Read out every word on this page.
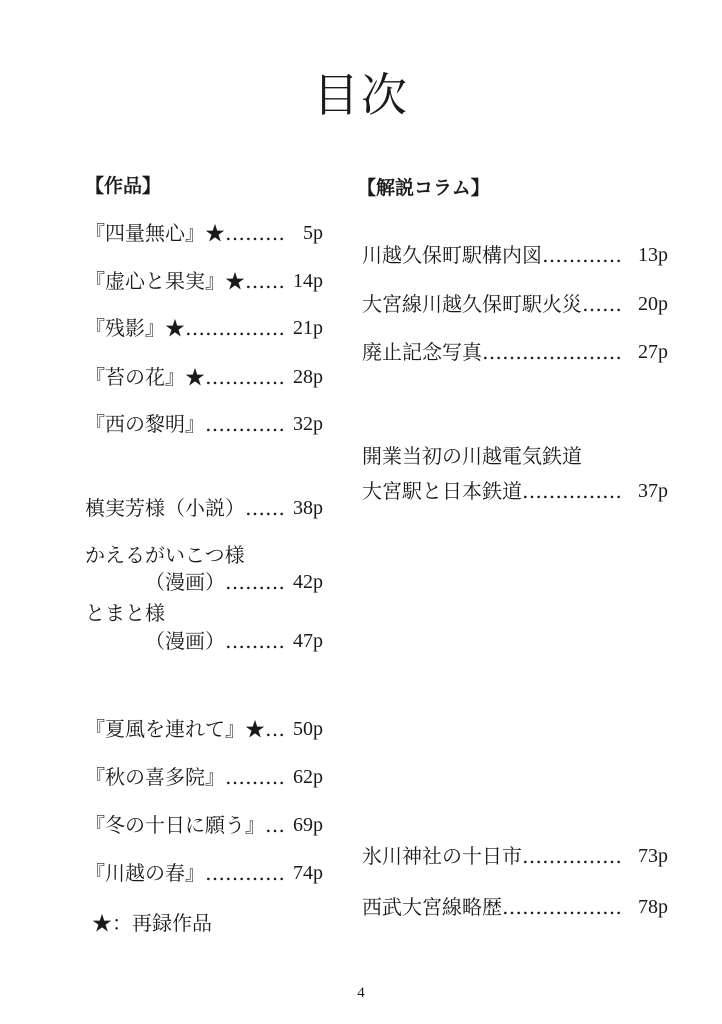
目次
【作品】
『四量無心』★……… 5p
『虚心と果実』★…… 14p
『残影』★…………… 21p
『苔の花』★………… 28p
『西の黎明』………… 32p
槙実芳様（小説）…… 38p
かえるがいこつ様
（漫画）……… 42p
とまと様
（漫画）……… 47p
『夏風を連れて』★… 50p
『秋の喜多院』……… 62p
『冬の十日に願う』… 69p
『川越の春』………… 74p
★：再録作品
【解説コラム】
川越久保町駅構内図………… 13p
大宮線川越久保町駅火災…… 20p
廃止記念写真………………… 27p
開業当初の川越電気鉄道
大宮駅と日本鉄道…………… 37p
氷川神社の十日市…………… 73p
西武大宮線略歴……………… 78p
4
